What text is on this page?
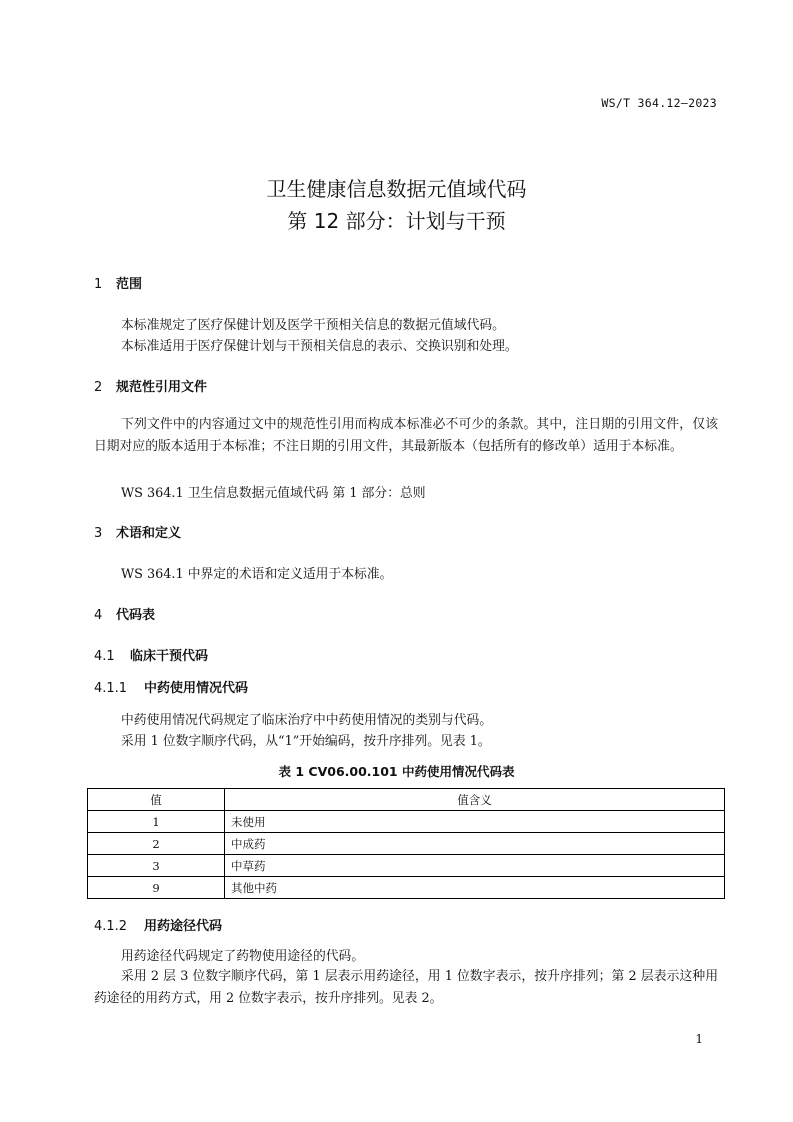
WS/T 364.12—2023
卫生健康信息数据元值域代码
第 12 部分：计划与干预
1 范围
本标准规定了医疗保健计划及医学干预相关信息的数据元值域代码。
本标准适用于医疗保健计划与干预相关信息的表示、交换识别和处理。
2 规范性引用文件
下列文件中的内容通过文中的规范性引用而构成本标准必不可少的条款。其中，注日期的引用文件，仅该日期对应的版本适用于本标准；不注日期的引用文件，其最新版本（包括所有的修改单）适用于本标准。
WS 364.1 卫生信息数据元值域代码 第 1 部分：总则
3 术语和定义
WS 364.1 中界定的术语和定义适用于本标准。
4 代码表
4.1 临床干预代码
4.1.1 中药使用情况代码
中药使用情况代码规定了临床治疗中中药使用情况的类别与代码。
采用 1 位数字顺序代码，从“1”开始编码，按升序排列。见表 1。
表 1 CV06.00.101 中药使用情况代码表
值	值含义
1	未使用
2	中成药
3	中草药
9	其他中药
4.1.2 用药途径代码
用药途径代码规定了药物使用途径的代码。
采用 2 层 3 位数字顺序代码，第 1 层表示用药途径，用 1 位数字表示，按升序排列；第 2 层表示这种用药途径的用药方式，用 2 位数字表示，按升序排列。见表 2。
1
